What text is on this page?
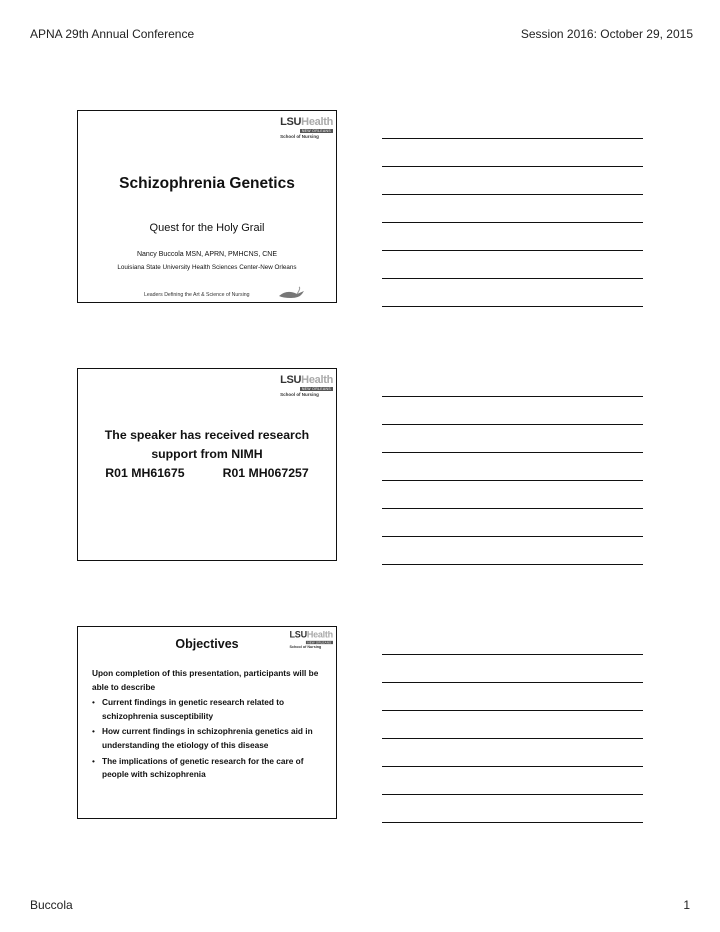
APNA 29th Annual Conference	Session 2016: October 29, 2015
LSUHealth
NEW ORLEANS
School of Nursing
Schizophrenia Genetics
Quest for the Holy Grail
Nancy Buccola MSN, APRN, PMHCNS, CNE
Louisiana State University Health Sciences Center-New Orleans
Leaders Defining the Art & Science of Nursing
LSUHealth
NEW ORLEANS
School of Nursing
The speaker has received research
support from NIMH
R01 MH61675	R01 MH067257
LSUHealth
NEW ORLEANS
School of Nursing
Objectives
Upon completion of this presentation, participants will be able to describe
• Current findings in genetic research related to schizophrenia susceptibility
• How current findings in schizophrenia genetics aid in understanding the etiology of this disease
• The implications of genetic research for the care of people with schizophrenia
Buccola	1
